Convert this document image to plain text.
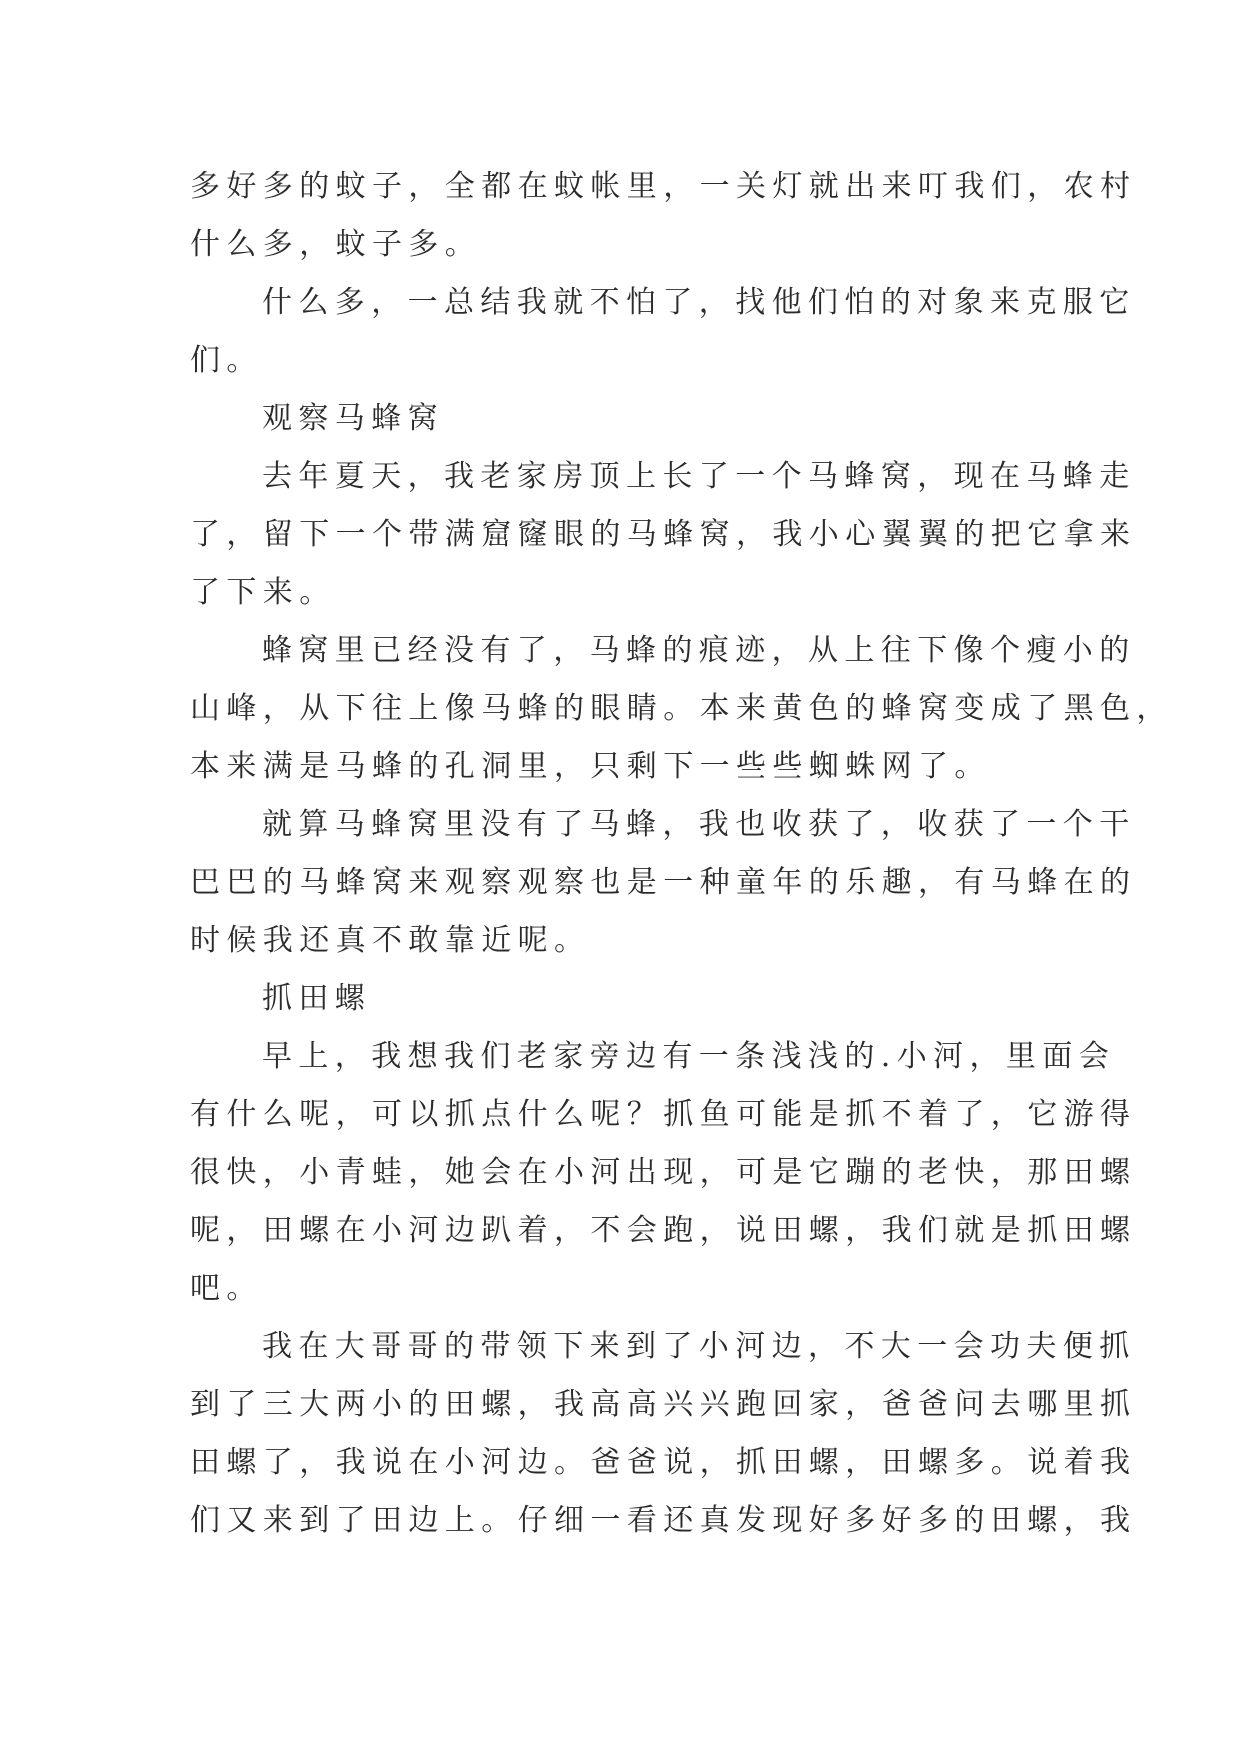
多好多的蚊子，全都在蚊帐里，一关灯就出来叮我们，农村
什么多，蚊子多。
什么多，一总结我就不怕了，找他们怕的对象来克服它
们。
观察马蜂窝
去年夏天，我老家房顶上长了一个马蜂窝，现在马蜂走
了，留下一个带满窟窿眼的马蜂窝，我小心翼翼的把它拿来
了下来。
蜂窝里已经没有了，马蜂的痕迹，从上往下像个瘦小的
山峰，从下往上像马蜂的眼睛。本来黄色的蜂窝变成了黑色，
本来满是马蜂的孔洞里，只剩下一些些蜘蛛网了。
就算马蜂窝里没有了马蜂，我也收获了，收获了一个干
巴巴的马蜂窝来观察观察也是一种童年的乐趣，有马蜂在的
时候我还真不敢靠近呢。
抓田螺
早上，我想我们老家旁边有一条浅浅的.小河，里面会
有什么呢，可以抓点什么呢？抓鱼可能是抓不着了，它游得
很快，小青蛙，她会在小河出现，可是它蹦的老快，那田螺
呢，田螺在小河边趴着，不会跑，说田螺，我们就是抓田螺
吧。
我在大哥哥的带领下来到了小河边，不大一会功夫便抓
到了三大两小的田螺，我高高兴兴跑回家，爸爸问去哪里抓
田螺了，我说在小河边。爸爸说，抓田螺，田螺多。说着我
们又来到了田边上。仔细一看还真发现好多好多的田螺，我
